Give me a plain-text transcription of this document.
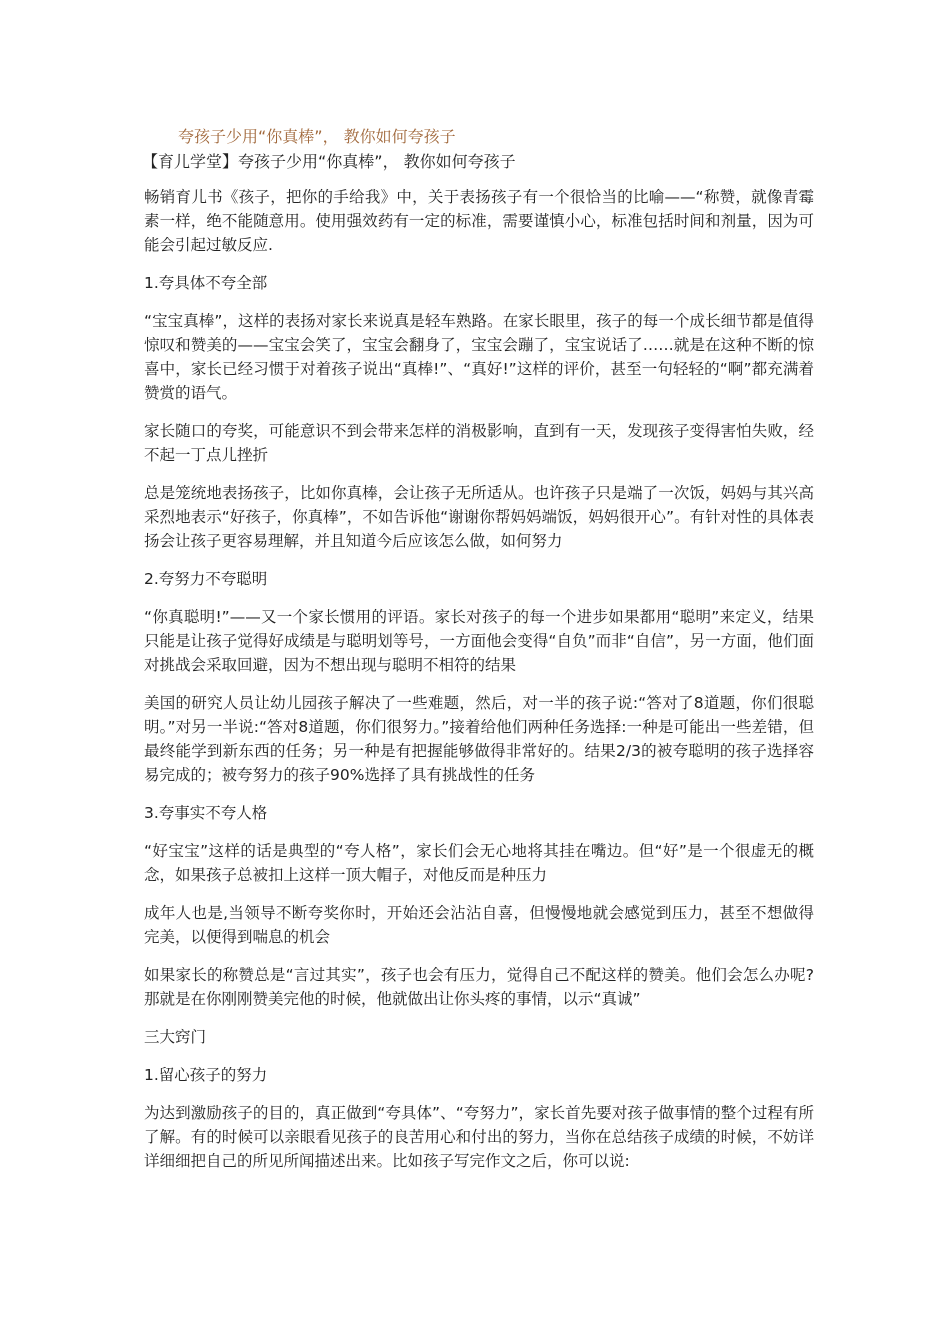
夸孩子少用“你真棒”， 教你如何夸孩子
【育儿学堂】夸孩子少用“你真棒”， 教你如何夸孩子

畅销育儿书《孩子，把你的手给我》中，关于表扬孩子有一个很恰当的比喻——“称赞，就像青霉素一样，绝不能随意用。使用强效药有一定的标准，需要谨慎小心，标准包括时间和剂量，因为可能会引起过敏反应.

1.夸具体不夸全部

“宝宝真棒”，这样的表扬对家长来说真是轻车熟路。在家长眼里，孩子的每一个成长细节都是值得惊叹和赞美的——宝宝会笑了，宝宝会翻身了，宝宝会蹦了，宝宝说话了……就是在这种不断的惊喜中，家长已经习惯于对着孩子说出“真棒!”、“真好!”这样的评价，甚至一句轻轻的“啊”都充满着赞赏的语气。

家长随口的夸奖，可能意识不到会带来怎样的消极影响，直到有一天，发现孩子变得害怕失败，经不起一丁点儿挫折

总是笼统地表扬孩子，比如你真棒，会让孩子无所适从。也许孩子只是端了一次饭，妈妈与其兴高采烈地表示“好孩子，你真棒”，不如告诉他“谢谢你帮妈妈端饭，妈妈很开心”。有针对性的具体表扬会让孩子更容易理解，并且知道今后应该怎么做，如何努力

2.夸努力不夸聪明

“你真聪明!”——又一个家长惯用的评语。家长对孩子的每一个进步如果都用“聪明”来定义，结果只能是让孩子觉得好成绩是与聪明划等号，一方面他会变得“自负”而非“自信”，另一方面，他们面对挑战会采取回避，因为不想出现与聪明不相符的结果

美国的研究人员让幼儿园孩子解决了一些难题，然后，对一半的孩子说:“答对了8道题，你们很聪明。”对另一半说:“答对8道题，你们很努力。”接着给他们两种任务选择:一种是可能出一些差错，但最终能学到新东西的任务；另一种是有把握能够做得非常好的。结果2/3的被夸聪明的孩子选择容易完成的；被夸努力的孩子90%选择了具有挑战性的任务

3.夸事实不夸人格

“好宝宝”这样的话是典型的“夸人格”，家长们会无心地将其挂在嘴边。但“好”是一个很虚无的概念，如果孩子总被扣上这样一顶大帽子，对他反而是种压力

成年人也是,当领导不断夸奖你时，开始还会沾沾自喜，但慢慢地就会感觉到压力，甚至不想做得完美，以便得到喘息的机会

如果家长的称赞总是“言过其实”，孩子也会有压力，觉得自己不配这样的赞美。他们会怎么办呢?那就是在你刚刚赞美完他的时候，他就做出让你头疼的事情，以示“真诚”

三大窍门

1.留心孩子的努力

为达到激励孩子的目的，真正做到“夸具体”、“夸努力”，家长首先要对孩子做事情的整个过程有所了解。有的时候可以亲眼看见孩子的良苦用心和付出的努力，当你在总结孩子成绩的时候，不妨详详细细把自己的所见所闻描述出来。比如孩子写完作文之后，你可以说:
